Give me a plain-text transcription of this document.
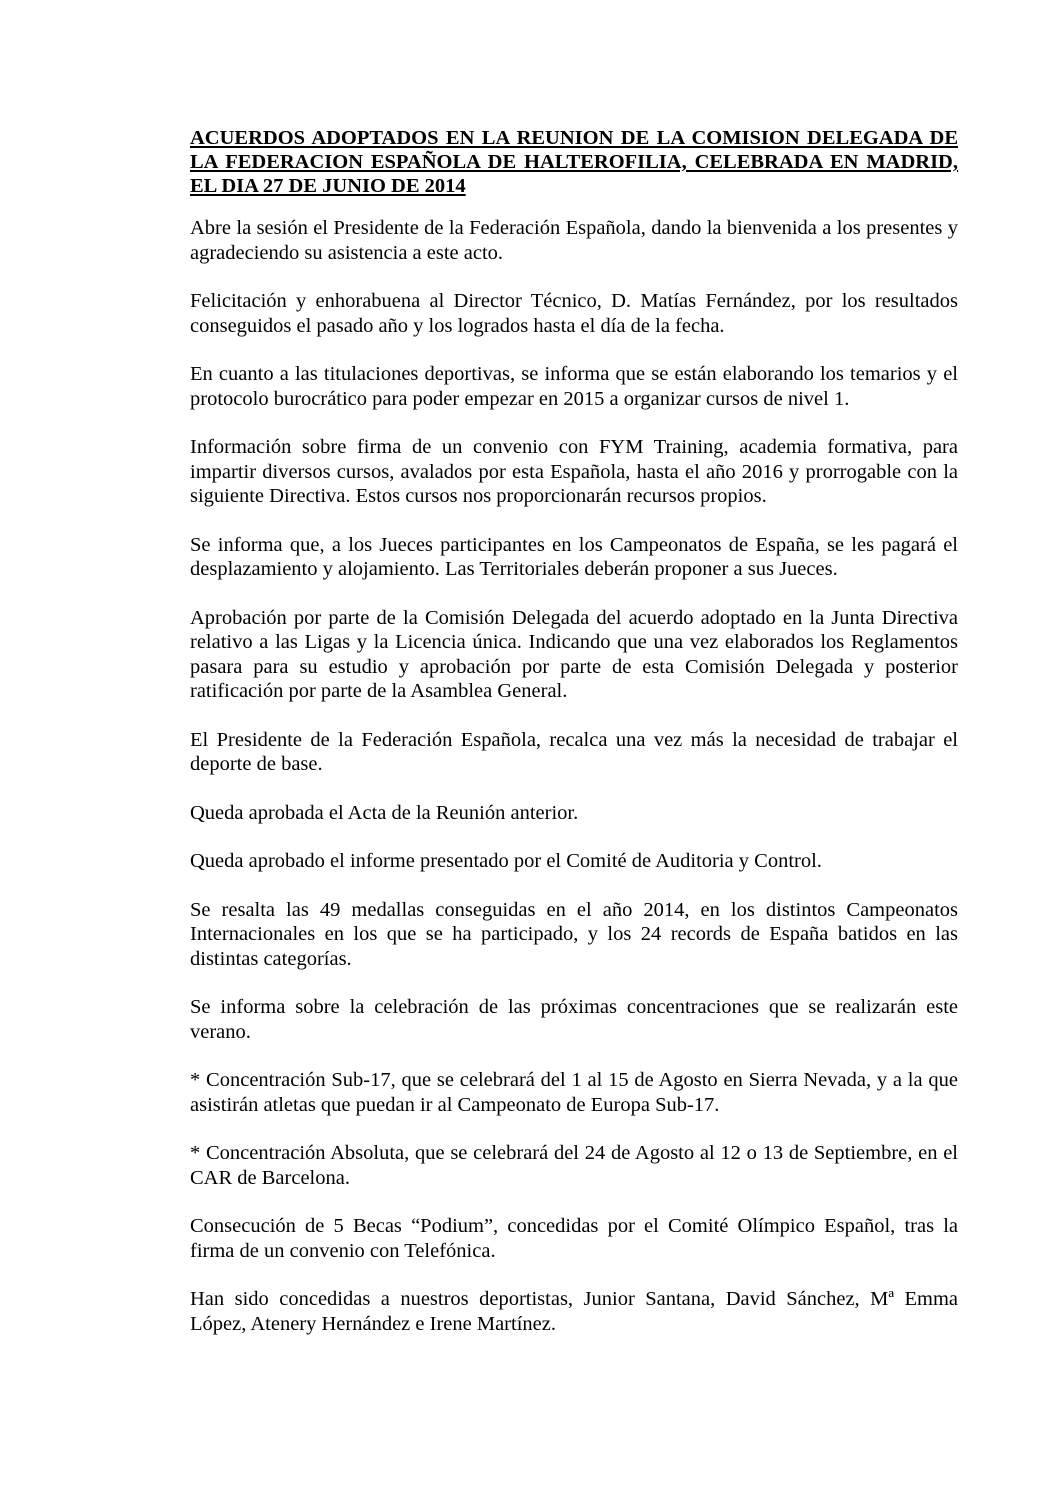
ACUERDOS ADOPTADOS EN LA REUNION DE LA COMISION DELEGADA DE LA FEDERACION ESPAÑOLA DE HALTEROFILIA, CELEBRADA EN MADRID, EL DIA 27 DE JUNIO DE 2014

Abre la sesión el Presidente de la Federación Española, dando la bienvenida a los presentes y agradeciendo su asistencia a este acto.

Felicitación y enhorabuena al Director Técnico, D. Matías Fernández, por los resultados conseguidos el pasado año y los logrados hasta el día de la fecha.

En cuanto a las titulaciones deportivas, se informa que se están elaborando los temarios y el protocolo burocrático para poder empezar en 2015 a organizar cursos de nivel 1.

Información sobre firma de un convenio con FYM Training, academia formativa, para impartir diversos cursos, avalados por esta Española, hasta el año 2016 y prorrogable con la siguiente Directiva. Estos cursos nos proporcionarán recursos propios.

Se informa que, a los Jueces participantes en los Campeonatos de España, se les pagará el desplazamiento y alojamiento. Las Territoriales deberán proponer a sus Jueces.

Aprobación por parte de la Comisión Delegada del acuerdo adoptado en la Junta Directiva relativo a las Ligas y la Licencia única. Indicando que una vez elaborados los Reglamentos pasara para su estudio y aprobación por parte de esta Comisión Delegada y posterior ratificación por parte de la Asamblea General.

El Presidente de la Federación Española, recalca una vez más la necesidad de trabajar el deporte de base.

Queda aprobada el Acta de la Reunión anterior.

Queda aprobado el informe presentado por el Comité de Auditoria y Control.

Se resalta las 49 medallas conseguidas en el año 2014, en los distintos Campeonatos Internacionales en los que se ha participado, y los 24 records de España batidos en las distintas categorías.

Se informa sobre la celebración de las próximas concentraciones que se realizarán este verano.

* Concentración Sub-17, que se celebrará del 1 al 15 de Agosto en Sierra Nevada, y a la que asistirán atletas que puedan ir al Campeonato de Europa Sub-17.

* Concentración Absoluta, que se celebrará del 24 de Agosto al 12 o 13 de Septiembre, en el CAR de Barcelona.

Consecución de 5 Becas “Podium”, concedidas por el Comité Olímpico Español, tras la firma de un convenio con Telefónica.

Han sido concedidas a nuestros deportistas, Junior Santana, David Sánchez, Mª Emma López, Atenery Hernández e Irene Martínez.
